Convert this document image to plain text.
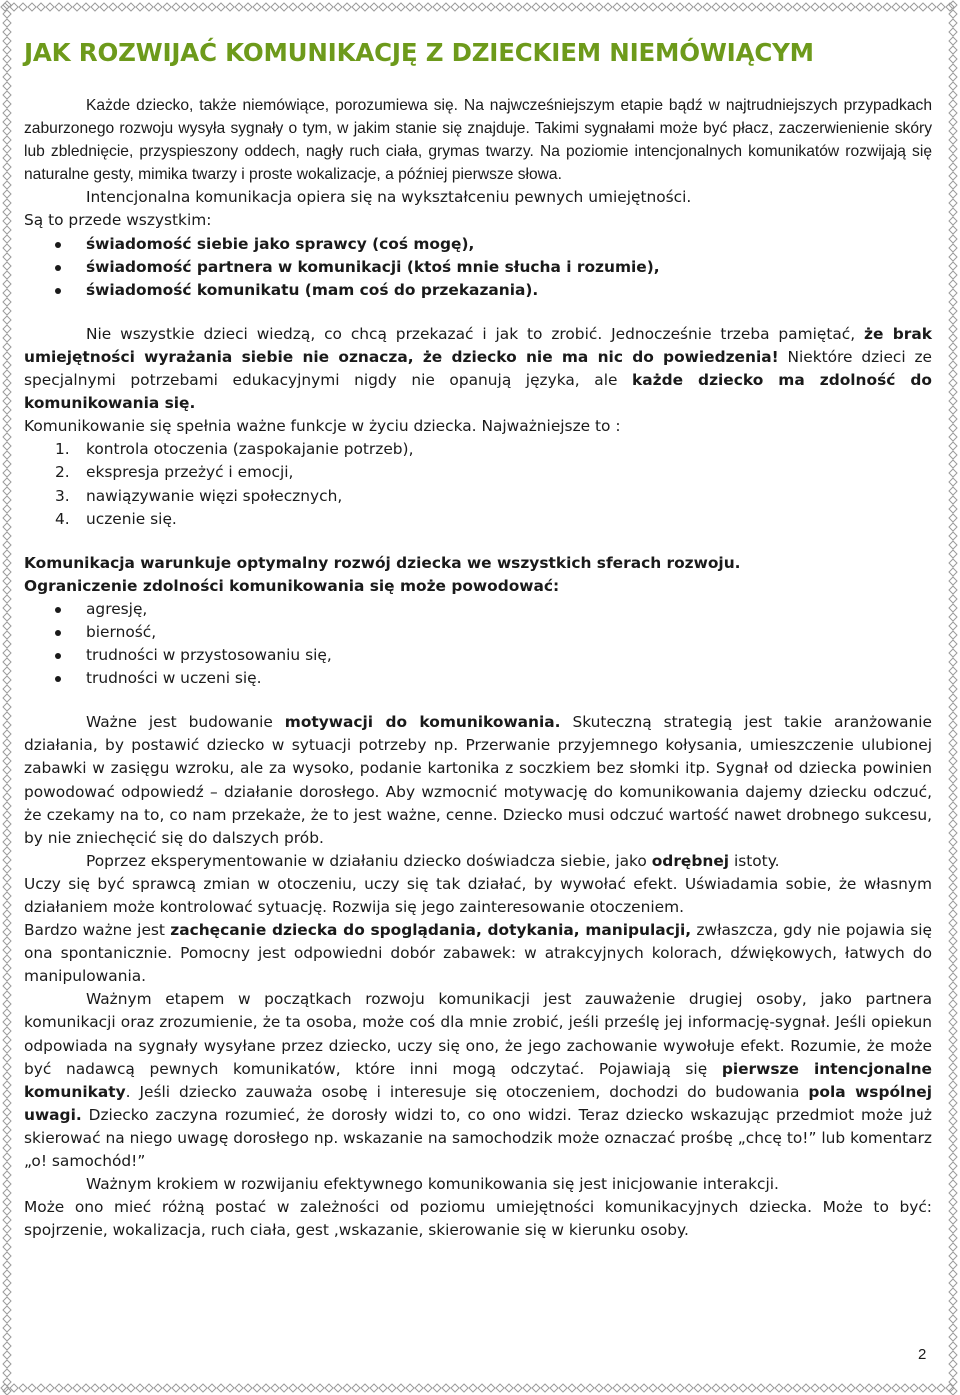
JAK ROZWIJAĆ KOMUNIKACJĘ Z DZIECKIEM NIEMÓWIĄCYM

Każde dziecko, także niemówiące, porozumiewa się. Na najwcześniejszym etapie bądź w najtrudniejszych przypadkach zaburzonego rozwoju wysyła sygnały o tym, w jakim stanie się znajduje. Takimi sygnałami może być płacz, zaczerwienienie skóry lub zblednięcie, przyspieszony oddech, nagły ruch ciała, grymas twarzy. Na poziomie intencjonalnych komunikatów rozwijają się naturalne gesty, mimika twarzy i proste wokalizacje, a później pierwsze słowa.

Intencjonalna komunikacja opiera się na wykształceniu pewnych umiejętności.

Są to przede wszystkim:

świadomość siebie jako sprawcy (coś mogę),
świadomość partnera w komunikacji (ktoś mnie słucha i rozumie),
świadomość komunikatu (mam coś do przekazania).

Nie wszystkie dzieci wiedzą, co chcą przekazać i jak to zrobić. Jednocześnie trzeba pamiętać, że brak umiejętności wyrażania siebie nie oznacza, że dziecko nie ma nic do powiedzenia! Niektóre dzieci ze specjalnymi potrzebami edukacyjnymi nigdy nie opanują języka, ale każde dziecko ma zdolność do komunikowania się.

Komunikowanie się spełnia ważne funkcje w życiu dziecka. Najważniejsze to :

1. kontrola otoczenia (zaspokajanie potrzeb),
2. ekspresja przeżyć i emocji,
3. nawiązywanie więzi społecznych,
4. uczenie się.

Komunikacja warunkuje optymalny rozwój dziecka we wszystkich sferach rozwoju.

Ograniczenie zdolności komunikowania się może powodować:

agresję,
bierność,
trudności w przystosowaniu się,
trudności w uczeni się.

Ważne jest budowanie motywacji do komunikowania. Skuteczną strategią jest takie aranżowanie działania, by postawić dziecko w sytuacji potrzeby np. Przerwanie przyjemnego kołysania, umieszczenie ulubionej zabawki w zasięgu wzroku, ale za wysoko, podanie kartonika z soczkiem bez słomki itp. Sygnał od dziecka powinien powodować odpowiedź – działanie dorosłego. Aby wzmocnić motywację do komunikowania dajemy dziecku odczuć, że czekamy na to, co nam przekaże, że to jest ważne, cenne. Dziecko musi odczuć wartość nawet drobnego sukcesu, by nie zniechęcić się do dalszych prób.

Poprzez eksperymentowanie w działaniu dziecko doświadcza siebie, jako odrębnej istoty.

Uczy się być sprawcą zmian w otoczeniu, uczy się tak działać, by wywołać efekt. Uświadamia sobie, że własnym działaniem może kontrolować sytuację. Rozwija się jego zainteresowanie otoczeniem.

Bardzo ważne jest zachęcanie dziecka do spoglądania, dotykania, manipulacji, zwłaszcza, gdy nie pojawia się ona spontanicznie. Pomocny jest odpowiedni dobór zabawek: w atrakcyjnych kolorach, dźwiękowych, łatwych do manipulowania.

Ważnym etapem w początkach rozwoju komunikacji jest zauważenie drugiej osoby, jako partnera komunikacji oraz zrozumienie, że ta osoba, może coś dla mnie zrobić, jeśli prześlę jej informację-sygnał. Jeśli opiekun odpowiada na sygnały wysyłane przez dziecko, uczy się ono, że jego zachowanie wywołuje efekt. Rozumie, że może być nadawcą pewnych komunikatów, które inni mogą odczytać. Pojawiają się pierwsze intencjonalne komunikaty. Jeśli dziecko zauważa osobę i interesuje się otoczeniem, dochodzi do budowania pola wspólnej uwagi. Dziecko zaczyna rozumieć, że dorosły widzi to, co ono widzi. Teraz dziecko wskazując przedmiot może już skierować na niego uwagę dorosłego np. wskazanie na samochodzik może oznaczać prośbę „chcę to!” lub komentarz „o! samochód!”

Ważnym krokiem w rozwijaniu efektywnego komunikowania się jest inicjowanie interakcji.

Może ono mieć różną postać w zależności od poziomu umiejętności komunikacyjnych dziecka. Może to być: spojrzenie, wokalizacja, ruch ciała, gest ,wskazanie, skierowanie się w kierunku osoby.

2
